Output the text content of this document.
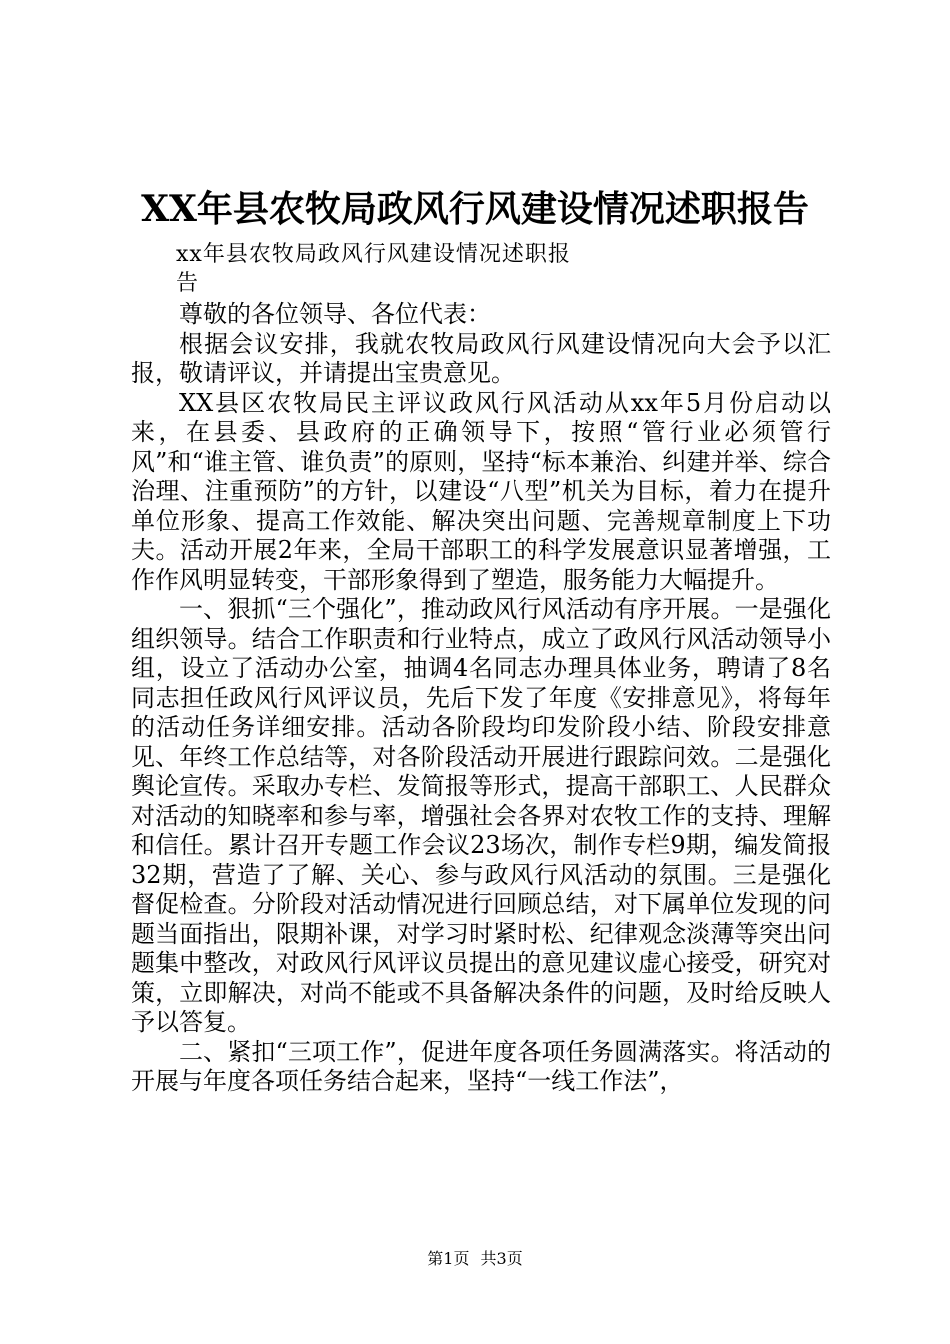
XX年县农牧局政风行风建设情况述职报告
xx年县农牧局政风行风建设情况述职报
告

尊敬的各位领导、各位代表：

根据会议安排，我就农牧局政风行风建设情况向大会予以汇报，敬请评议，并请提出宝贵意见。

XX县区农牧局民主评议政风行风活动从xx年5月份启动以来，在县委、县政府的正确领导下，按照“管行业必须管行风”和“谁主管、谁负责”的原则，坚持“标本兼治、纠建并举、综合治理、注重预防”的方针，以建设“八型”机关为目标，着力在提升单位形象、提高工作效能、解决突出问题、完善规章制度上下功夫。活动开展2年来，全局干部职工的科学发展意识显著增强，工作作风明显转变，干部形象得到了塑造，服务能力大幅提升。

一、狠抓“三个强化”，推动政风行风活动有序开展。一是强化组织领导。结合工作职责和行业特点，成立了政风行风活动领导小组，设立了活动办公室，抽调4名同志办理具体业务，聘请了8名同志担任政风行风评议员，先后下发了年度《安排意见》，将每年的活动任务详细安排。活动各阶段均印发阶段小结、阶段安排意见、年终工作总结等，对各阶段活动开展进行跟踪问效。二是强化舆论宣传。采取办专栏、发简报等形式，提高干部职工、人民群众对活动的知晓率和参与率，增强社会各界对农牧工作的支持、理解和信任。累计召开专题工作会议23场次，制作专栏9期，编发简报32期，营造了了解、关心、参与政风行风活动的氛围。三是强化督促检查。分阶段对活动情况进行回顾总结，对下属单位发现的问题当面指出，限期补课，对学习时紧时松、纪律观念淡薄等突出问题集中整改，对政风行风评议员提出的意见建议虚心接受，研究对策，立即解决，对尚不能或不具备解决条件的问题，及时给反映人予以答复。

二、紧扣“三项工作”，促进年度各项任务圆满落实。将活动的开展与年度各项任务结合起来，坚持“一线工作法”，

第1页 共3页
